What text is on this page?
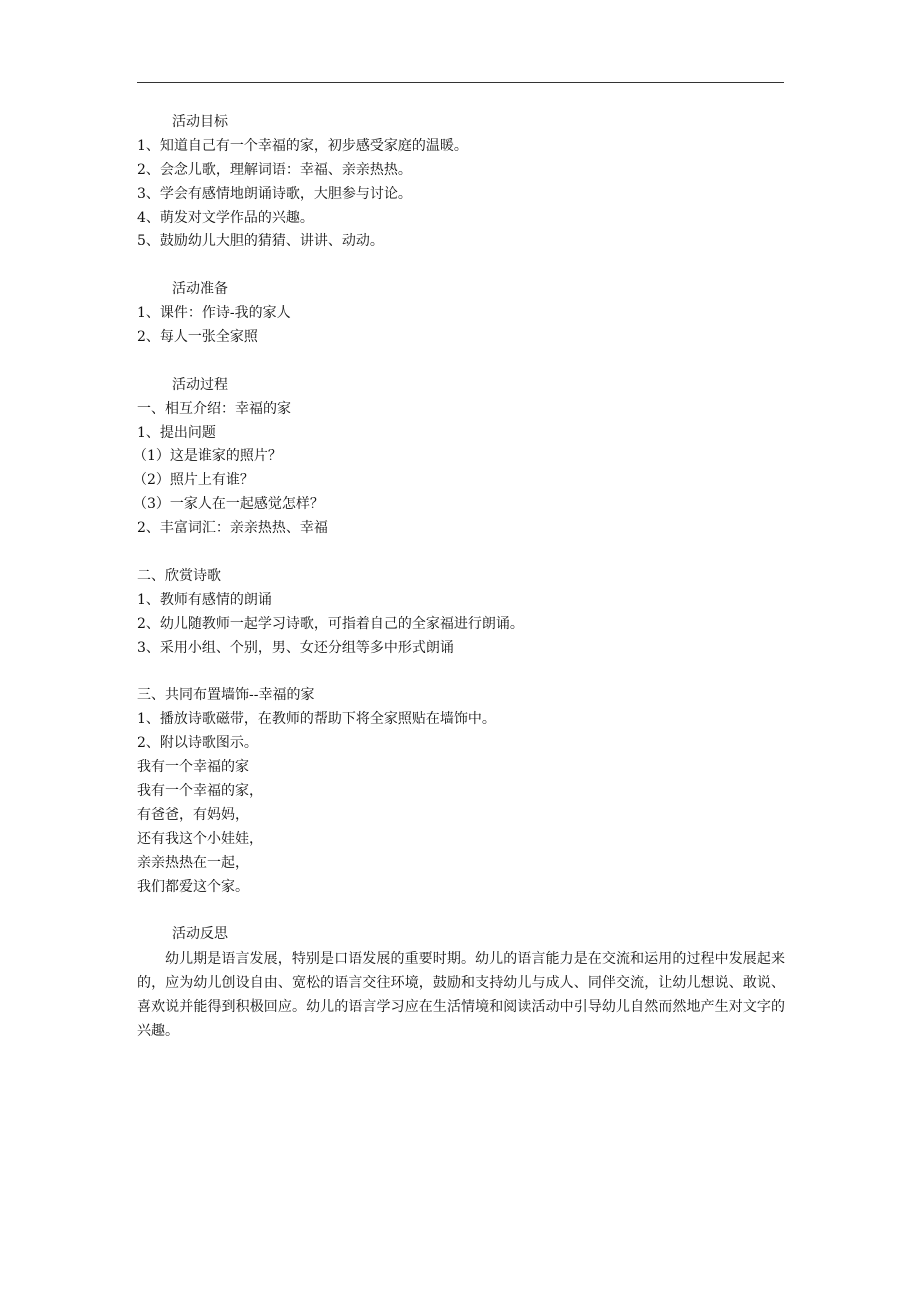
活动目标
1、知道自己有一个幸福的家，初步感受家庭的温暖。
2、会念儿歌，理解词语：幸福、亲亲热热。
3、学会有感情地朗诵诗歌，大胆参与讨论。
4、萌发对文学作品的兴趣。
5、鼓励幼儿大胆的猜猜、讲讲、动动。
活动准备
1、课件：作诗-我的家人
2、每人一张全家照
活动过程
一、相互介绍：幸福的家
1、提出问题
（1）这是谁家的照片？
（2）照片上有谁？
（3）一家人在一起感觉怎样？
2、丰富词汇：亲亲热热、幸福
二、欣赏诗歌
1、教师有感情的朗诵
2、幼儿随教师一起学习诗歌，可指着自己的全家福进行朗诵。
3、采用小组、个别，男、女还分组等多中形式朗诵
三、共同布置墙饰--幸福的家
1、播放诗歌磁带，在教师的帮助下将全家照贴在墙饰中。
2、附以诗歌图示。
我有一个幸福的家
我有一个幸福的家，
有爸爸，有妈妈，
还有我这个小娃娃，
亲亲热热在一起，
我们都爱这个家。
活动反思
幼儿期是语言发展，特别是口语发展的重要时期。幼儿的语言能力是在交流和运用的过程中发展起来的，应为幼儿创设自由、宽松的语言交往环境，鼓励和支持幼儿与成人、同伴交流，让幼儿想说、敢说、喜欢说并能得到积极回应。幼儿的语言学习应在生活情境和阅读活动中引导幼儿自然而然地产生对文字的兴趣。
